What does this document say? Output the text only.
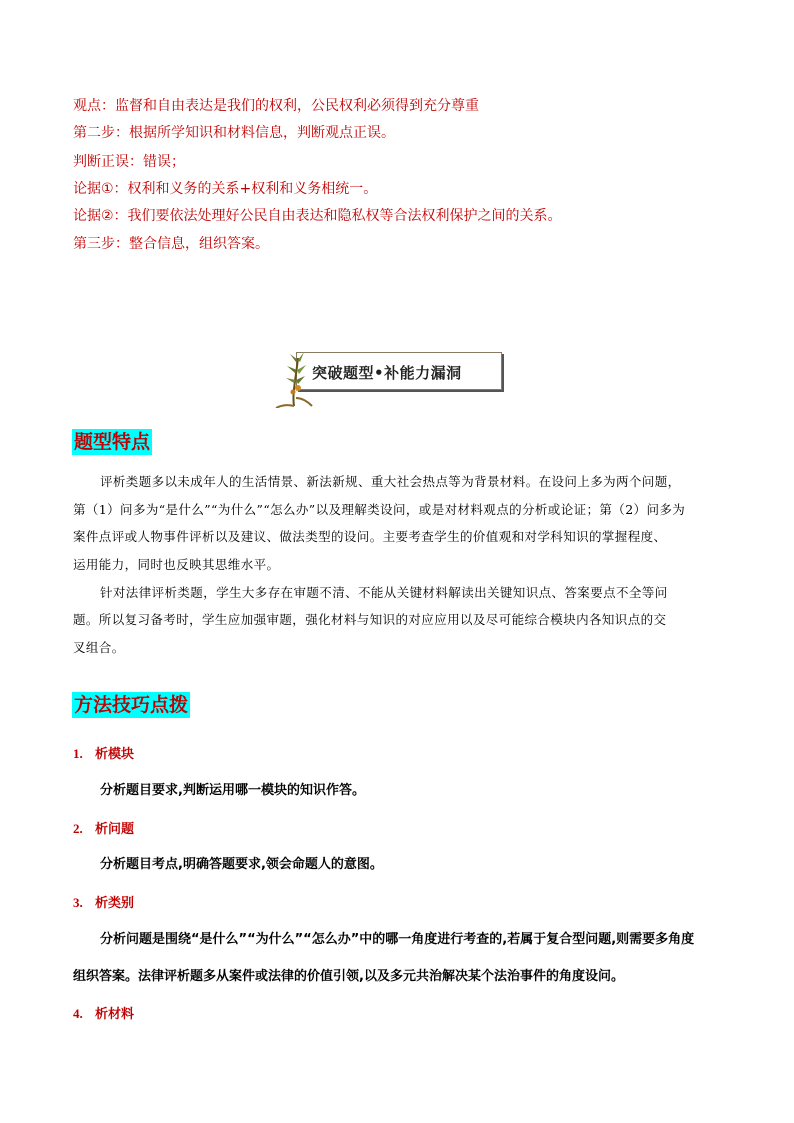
观点：监督和自由表达是我们的权利，公民权利必须得到充分尊重
第二步：根据所学知识和材料信息，判断观点正误。
判断正误：错误；
论据①：权利和义务的关系+权利和义务相统一。
论据②：我们要依法处理好公民自由表达和隐私权等合法权利保护之间的关系。
第三步：整合信息，组织答案。
突破题型•补能力漏洞
题型特点
评析类题多以未成年人的生活情景、新法新规、重大社会热点等为背景材料。在设问上多为两个问题，
第（1）问多为“是什么”“为什么”“怎么办”以及理解类设问，或是对材料观点的分析或论证；第（2）问多为
案件点评或人物事件评析以及建议、做法类型的设问。主要考查学生的价值观和对学科知识的掌握程度、
运用能力，同时也反映其思维水平。
针对法律评析类题，学生大多存在审题不清、不能从关键材料解读出关键知识点、答案要点不全等问
题。所以复习备考时，学生应加强审题，强化材料与知识的对应应用以及尽可能综合模块内各知识点的交
叉组合。
方法技巧点拨
1. 析模块
分析题目要求,判断运用哪一模块的知识作答。
2. 析问题
分析题目考点,明确答题要求,领会命题人的意图。
3. 析类别
分析问题是围绕“是什么”“为什么”“怎么办”中的哪一角度进行考查的,若属于复合型问题,则需要多角度
组织答案。法律评析题多从案件或法律的价值引领,以及多元共治解决某个法治事件的角度设问。
4. 析材料
